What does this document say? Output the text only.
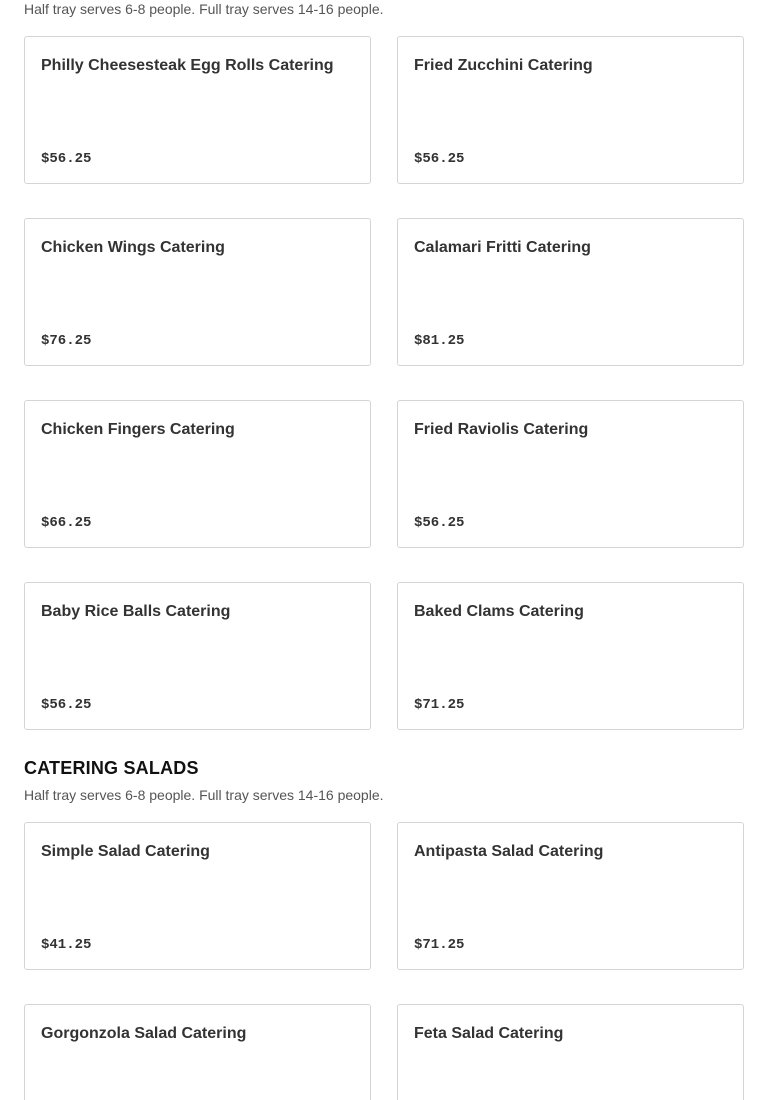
Half tray serves 6-8 people. Full tray serves 14-16 people.
Philly Cheesesteak Egg Rolls Catering
$56.25
Fried Zucchini Catering
$56.25
Chicken Wings Catering
$76.25
Calamari Fritti Catering
$81.25
Chicken Fingers Catering
$66.25
Fried Raviolis Catering
$56.25
Baby Rice Balls Catering
$56.25
Baked Clams Catering
$71.25
CATERING SALADS
Half tray serves 6-8 people. Full tray serves 14-16 people.
Simple Salad Catering
$41.25
Antipasta Salad Catering
$71.25
Gorgonzola Salad Catering	Feta Salad Catering
